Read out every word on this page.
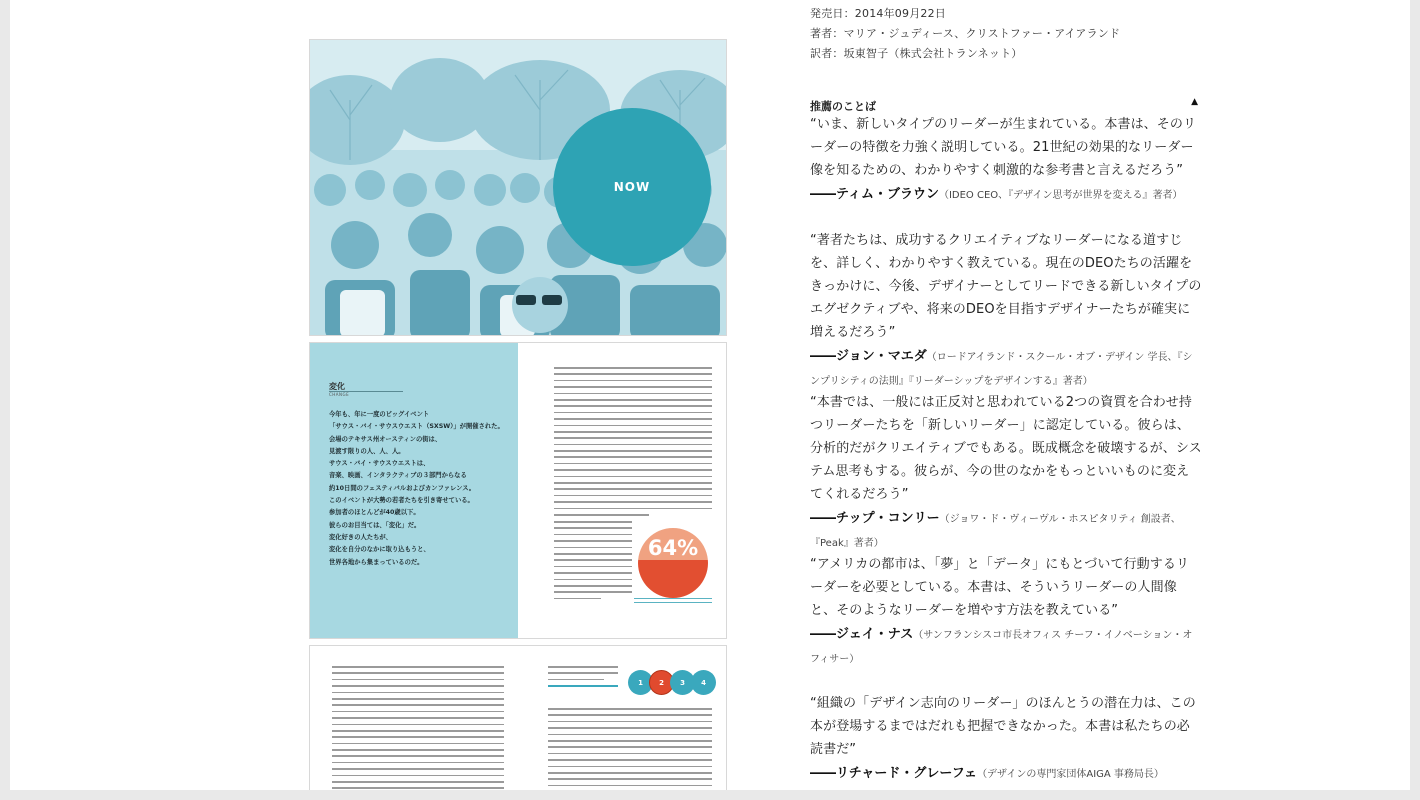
NOW
変化
CHANGE
今年も、年に一度のビッグイベント
「サウス・バイ・サウスウエスト（SXSW）」が開催された。
会場のテキサス州オースティンの街は、
見渡す限りの人、人、人。
サウス・バイ・サウスウエストは、
音楽、映画、インタラクティブの３部門からなる
約10日間のフェスティバルおよびカンファレンス。
このイベントが大勢の若者たちを引き寄せている。
参加者のほとんどが40歳以下。
彼らのお目当ては、「変化」だ。
変化好きの人たちが、
変化を自分のなかに取り込もうと、
世界各地から集まっているのだ。
64%
1	2	3	4
発売日：2014年09月22日
著者：マリア・ジュディース、クリストファー・アイアランド
訳者：坂東智子（株式会社トランネット）
推薦のことば	▲
“いま、新しいタイプのリーダーが生まれている。本書は、そのリーダーの特徴を力強く説明している。21世紀の効果的なリーダー像を知るための、わかりやすく刺激的な参考書と言えるだろう”
――ティム・ブラウン（IDEO CEO、『デザイン思考が世界を変える』著者）
“著者たちは、成功するクリエイティブなリーダーになる道すじを、詳しく、わかりやすく教えている。現在のDEOたちの活躍をきっかけに、今後、デザイナーとしてリードできる新しいタイプのエグゼクティブや、将来のDEOを目指すデザイナーたちが確実に増えるだろう”
――ジョン・マエダ（ロードアイランド・スクール・オブ・デザイン 学長、『シンプリシティの法則』『リーダーシップをデザインする』著者）
“本書では、一般には正反対と思われている2つの資質を合わせ持つリーダーたちを「新しいリーダー」に認定している。彼らは、分析的だがクリエイティブでもある。既成概念を破壊するが、システム思考もする。彼らが、今の世のなかをもっといいものに変えてくれるだろう”
――チップ・コンリー（ジョワ・ド・ヴィーヴル・ホスピタリティ 創設者、『Peak』著者）
“アメリカの都市は、「夢」と「データ」にもとづいて行動するリーダーを必要としている。本書は、そういうリーダーの人間像と、そのようなリーダーを増やす方法を教えている”
――ジェイ・ナス（サンフランシスコ市長オフィス チーフ・イノベーション・オフィサー）
“組織の「デザイン志向のリーダー」のほんとうの潜在力は、この本が登場するまではだれも把握できなかった。本書は私たちの必読書だ”
――リチャード・グレーフェ（デザインの専門家団体AIGA 事務局長）
